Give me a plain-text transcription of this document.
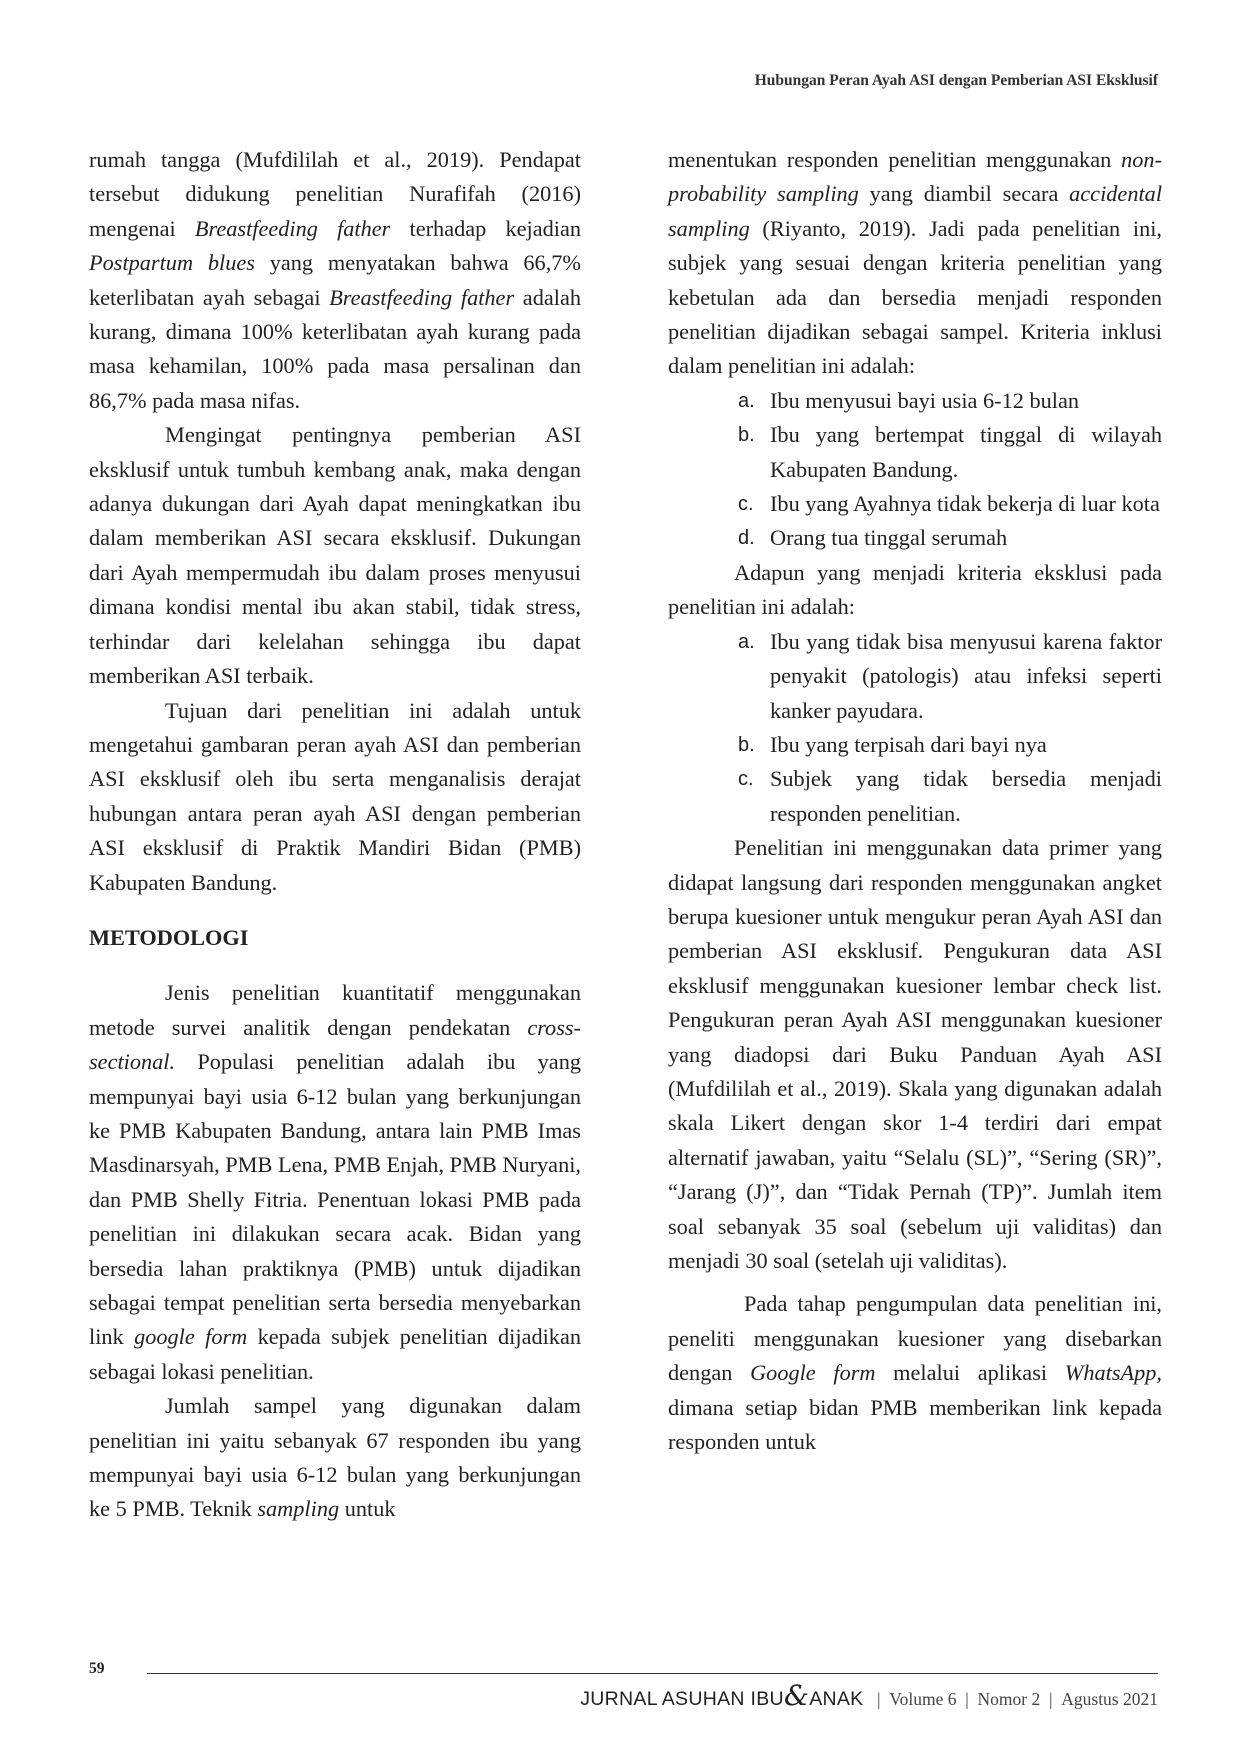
Hubungan Peran Ayah ASI dengan Pemberian ASI Eksklusif

rumah tangga (Mufdililah et al., 2019). Pendapat tersebut didukung penelitian Nurafifah (2016) mengenai Breastfeeding father terhadap kejadian Postpartum blues yang menyatakan bahwa 66,7% keterlibatan ayah sebagai Breastfeeding father adalah kurang, dimana 100% keterlibatan ayah kurang pada masa kehamilan, 100% pada masa persalinan dan 86,7% pada masa nifas.

Mengingat pentingnya pemberian ASI eksklusif untuk tumbuh kembang anak, maka dengan adanya dukungan dari Ayah dapat meningkatkan ibu dalam memberikan ASI secara eksklusif. Dukungan dari Ayah mempermudah ibu dalam proses menyusui dimana kondisi mental ibu akan stabil, tidak stress, terhindar dari kelelahan sehingga ibu dapat memberikan ASI terbaik.

Tujuan dari penelitian ini adalah untuk mengetahui gambaran peran ayah ASI dan pemberian ASI eksklusif oleh ibu serta menganalisis derajat hubungan antara peran ayah ASI dengan pemberian ASI eksklusif di Praktik Mandiri Bidan (PMB) Kabupaten Bandung.

METODOLOGI

Jenis penelitian kuantitatif menggunakan metode survei analitik dengan pendekatan cross-sectional. Populasi penelitian adalah ibu yang mempunyai bayi usia 6-12 bulan yang berkunjungan ke PMB Kabupaten Bandung, antara lain PMB Imas Masdinarsyah, PMB Lena, PMB Enjah, PMB Nuryani, dan PMB Shelly Fitria. Penentuan lokasi PMB pada penelitian ini dilakukan secara acak. Bidan yang bersedia lahan praktiknya (PMB) untuk dijadikan sebagai tempat penelitian serta bersedia menyebarkan link google form kepada subjek penelitian dijadikan sebagai lokasi penelitian.

Jumlah sampel yang digunakan dalam penelitian ini yaitu sebanyak 67 responden ibu yang mempunyai bayi usia 6-12 bulan yang berkunjungan ke 5 PMB. Teknik sampling untuk

menentukan responden penelitian menggunakan non-probability sampling yang diambil secara accidental sampling (Riyanto, 2019). Jadi pada penelitian ini, subjek yang sesuai dengan kriteria penelitian yang kebetulan ada dan bersedia menjadi responden penelitian dijadikan sebagai sampel. Kriteria inklusi dalam penelitian ini adalah:

a. Ibu menyusui bayi usia 6-12 bulan
b. Ibu yang bertempat tinggal di wilayah Kabupaten Bandung.
c. Ibu yang Ayahnya tidak bekerja di luar kota
d. Orang tua tinggal serumah

Adapun yang menjadi kriteria eksklusi pada penelitian ini adalah:

a. Ibu yang tidak bisa menyusui karena faktor penyakit (patologis) atau infeksi seperti kanker payudara.
b. Ibu yang terpisah dari bayi nya
c. Subjek yang tidak bersedia menjadi responden penelitian.

Penelitian ini menggunakan data primer yang didapat langsung dari responden menggunakan angket berupa kuesioner untuk mengukur peran Ayah ASI dan pemberian ASI eksklusif. Pengukuran data ASI eksklusif menggunakan kuesioner lembar check list. Pengukuran peran Ayah ASI menggunakan kuesioner yang diadopsi dari Buku Panduan Ayah ASI (Mufdililah et al., 2019). Skala yang digunakan adalah skala Likert dengan skor 1-4 terdiri dari empat alternatif jawaban, yaitu “Selalu (SL)”, “Sering (SR)”, “Jarang (J)”, dan “Tidak Pernah (TP)”. Jumlah item soal sebanyak 35 soal (sebelum uji validitas) dan menjadi 30 soal (setelah uji validitas).

Pada tahap pengumpulan data penelitian ini, peneliti menggunakan kuesioner yang disebarkan dengan Google form melalui aplikasi WhatsApp, dimana setiap bidan PMB memberikan link kepada responden untuk

59
JURNAL ASUHAN IBU&ANAK | Volume 6 | Nomor 2 | Agustus 2021
